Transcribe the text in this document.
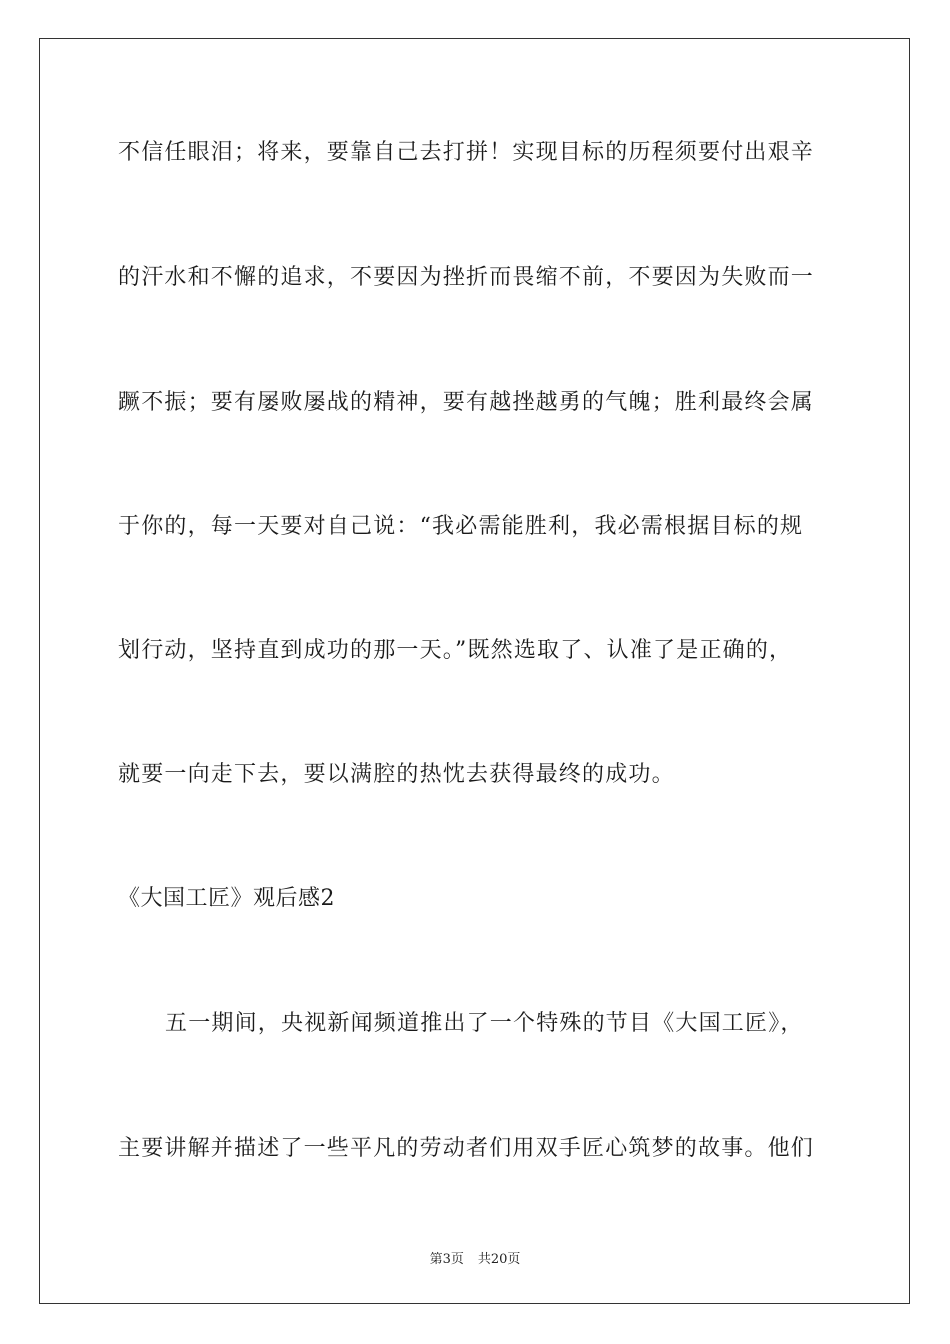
不信任眼泪；将来，要靠自己去打拼！实现目标的历程须要付出艰辛
的汗水和不懈的追求，不要因为挫折而畏缩不前，不要因为失败而一
蹶不振；要有屡败屡战的精神，要有越挫越勇的气魄；胜利最终会属
于你的，每一天要对自己说：“我必需能胜利，我必需根据目标的规
划行动，坚持直到成功的那一天。”既然选取了、认准了是正确的，
就要一向走下去，要以满腔的热忱去获得最终的成功。
《大国工匠》观后感2
五一期间，央视新闻频道推出了一个特殊的节目《大国工匠》，
主要讲解并描述了一些平凡的劳动者们用双手匠心筑梦的故事。他们
第3页 共20页
